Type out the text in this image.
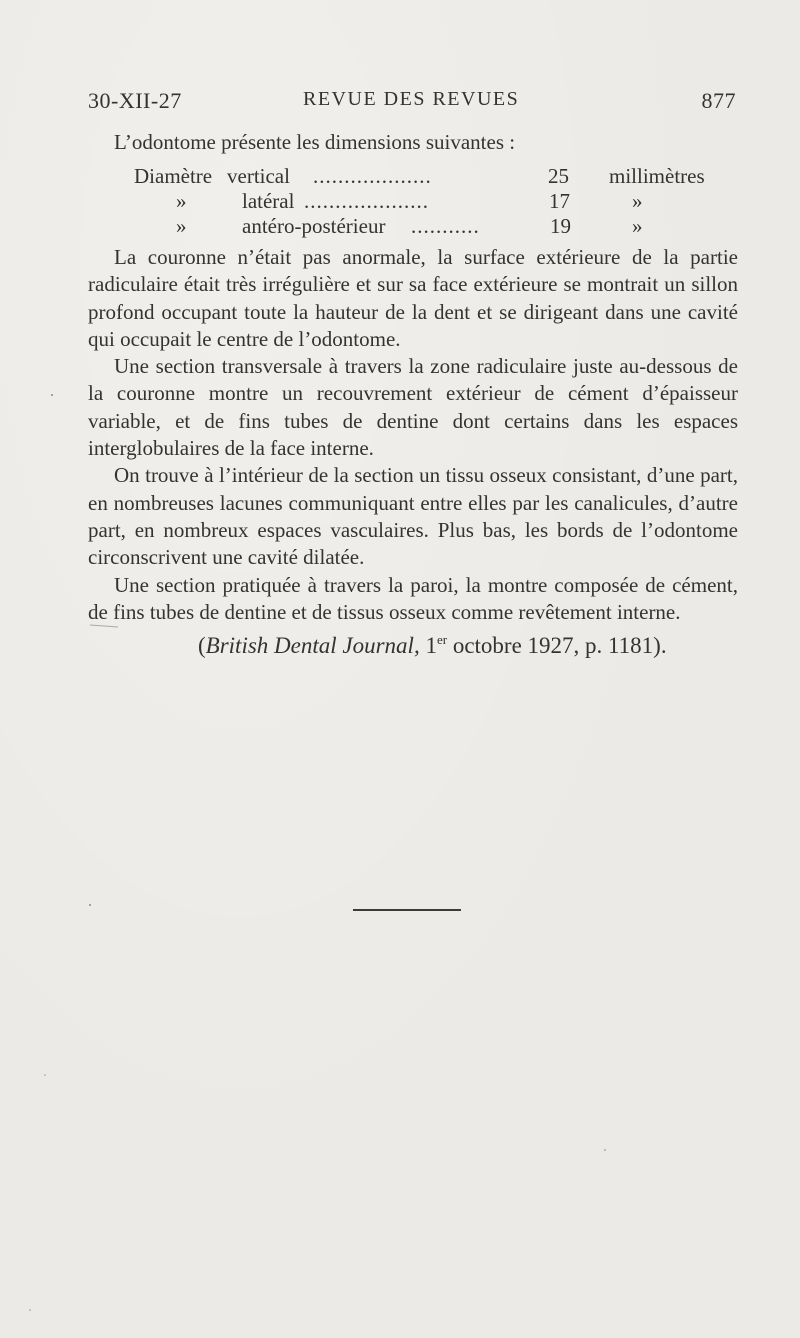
30-XII-27	REVUE DES REVUES	877
L’odontome présente les dimensions suivantes :
Diamètre vertical ...................	25 millimètres
»	latéral ....................	17	»
»	antéro-postérieur ...........	19	»

La couronne n’était pas anormale, la surface extérieure de la partie radiculaire était très irrégulière et sur sa face extérieure se montrait un sillon profond occupant toute la hauteur de la dent et se dirigeant dans une cavité qui occupait le centre de l’odontome.

Une section transversale à travers la zone radiculaire juste au-dessous de la couronne montre un recouvrement extérieur de cément d’épaisseur variable, et de fins tubes de dentine dont certains dans les espaces interglobulaires de la face interne.

On trouve à l’intérieur de la section un tissu osseux consistant, d’une part, en nombreuses lacunes communiquant entre elles par les canalicules, d’autre part, en nombreux espaces vasculaires. Plus bas, les bords de l’odontome circonscrivent une cavité dilatée.

Une section pratiquée à travers la paroi, la montre composée de cément, de fins tubes de dentine et de tissus osseux comme revêtement interne.

(British Dental Journal, 1er octobre 1927, p. 1181).
